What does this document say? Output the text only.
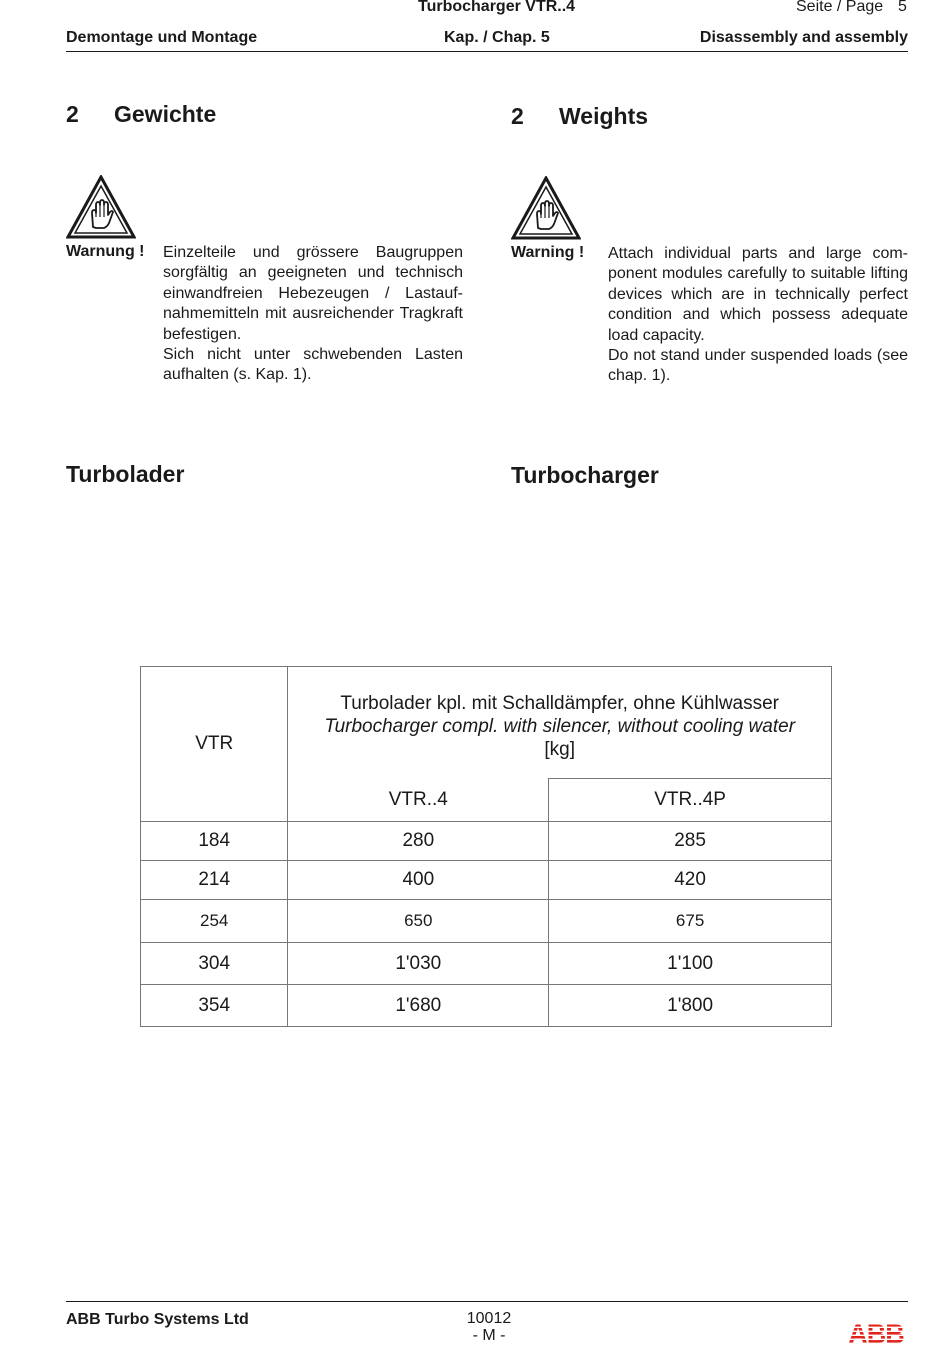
Turbocharger VTR..4	Seite / Page 5
Demontage und Montage	Kap. / Chap. 5	Disassembly and assembly
2 Gewichte	2 Weights
Warnung ! Einzelteile und grössere Baugruppen sorgfältig an geeigneten und technisch einwandfreien Hebezeugen / Lastaufnahmemitteln mit ausreichender Tragkraft befestigen.

Sich nicht unter schwebenden Lasten aufhalten (s. Kap. 1).

Warning ! Attach individual parts and large component modules carefully to suitable lifting devices which are in technically perfect condition and which possess adequate load capacity.

Do not stand under suspended loads (see chap. 1).

Turbolader	Turbocharger
VTR	Turbolader kpl. mit Schalldämpfer, ohne Kühlwasser
Turbocharger compl. with silencer, without cooling water
[kg]	

	VTR..4	VTR..4P
184	280	285
214	400	420
254	650	675
304	1'030	1'100
354	1'680	1'800
ABB Turbo Systems Ltd	10012
- M -	ABB
